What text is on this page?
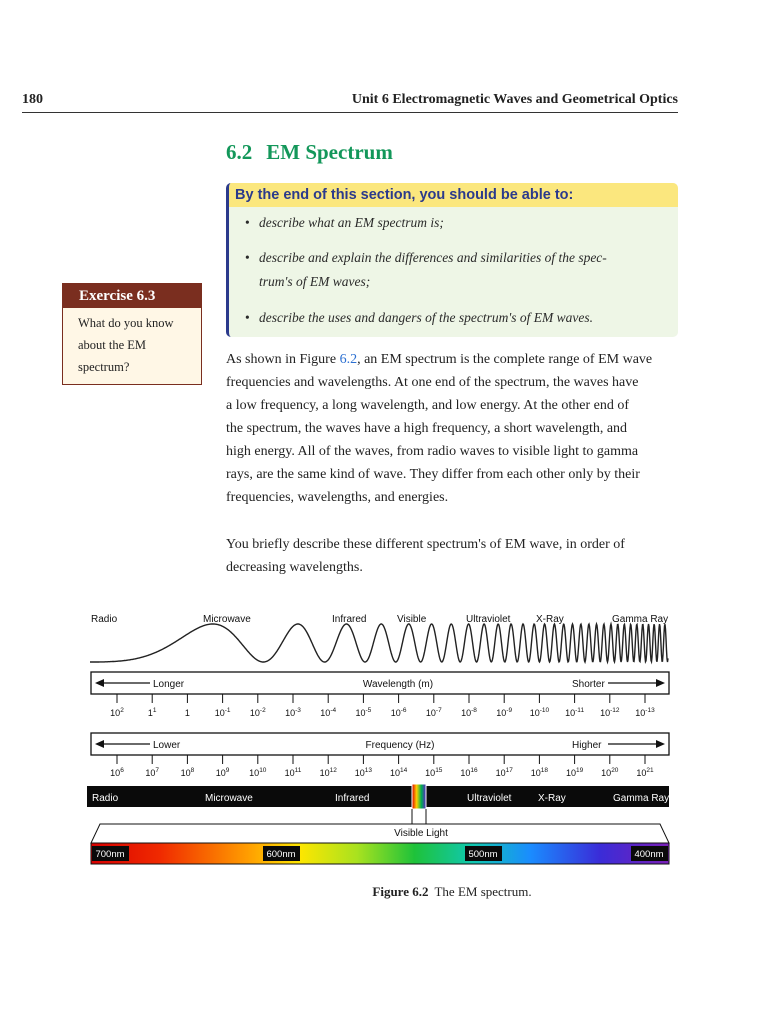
180	Unit 6 Electromagnetic Waves and Geometrical Optics
6.2 EM Spectrum
By the end of this section, you should be able to:
• describe what an EM spectrum is;
• describe and explain the differences and similarities of the spec-
trum's of EM waves;
• describe the uses and dangers of the spectrum's of EM waves.
Exercise 6.3
What do you know
about the EM
spectrum?	As shown in Figure 6.2, an EM spectrum is the complete range of EM wave
frequencies and wavelengths. At one end of the spectrum, the waves have
a low frequency, a long wavelength, and low energy. At the other end of
the spectrum, the waves have a high frequency, a short wavelength, and
high energy. All of the waves, from radio waves to visible light to gamma
rays, are the same kind of wave. They differ from each other only by their
frequencies, wavelengths, and energies.
You briefly describe these different spectrum's of EM wave, in order of
decreasing wavelengths.
Radio	Microwave	Infrared	Visible	Ultraviolet	X-Ray	Gamma Ray
Longer	Wavelength (m)	Shorter
$10^2$	$1^1$	1	$10^{-1}$ $10^{-2}$ $10^{-3}$ $10^{-4}$ $10^{-5}$ $10^{-6}$ $10^{-7}$ $10^{-8}$ $10^{-9}$ $10^{-10}$ $10^{-11}$ $10^{-12}$ $10^{-13}$
Lower	Frequency (Hz)	Higher
$10^6$ $10^7$ $10^8$ $10^9$ $10^{10}$ $10^{11}$ $10^{12}$ $10^{13}$ $10^{14}$ $10^{15}$ $10^{16}$ $10^{17}$ $10^{18}$ $10^{19}$ $10^{20}$ $10^{21}$
Radio	Microwave	Infrared	Ultraviolet	X-Ray	Gamma Ray
Visible Light
700nm	600nm	500nm	400nm
Figure 6.2 The EM spectrum.
